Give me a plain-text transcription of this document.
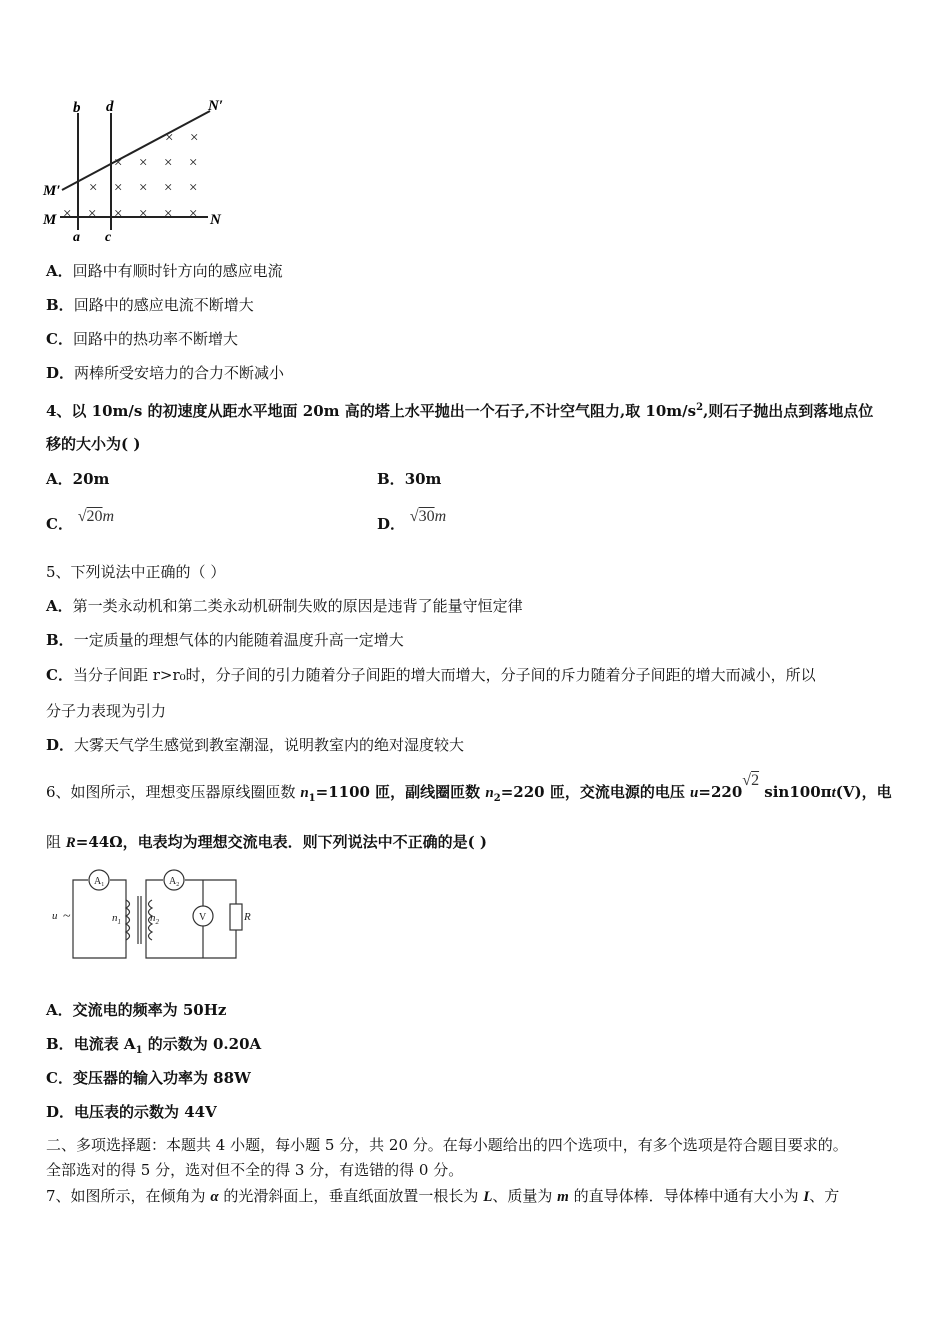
b d	N′
M′
M	N
a c
× ×
× × × ×
× × × × ×
× × × × × ×
A．回路中有顺时针方向的感应电流
B．回路中的感应电流不断增大
C．回路中的热功率不断增大
D．两棒所受安培力的合力不断减小
4、以 10m/s 的初速度从距水平地面 20m 高的塔上水平抛出一个石子,不计空气阻力,取 $10m/s^2$,则石子抛出点到落地点位
移的大小为( )
A．20m	B．30m
C． √20m	D． √30m
5、下列说法中正确的（ ）
A．第一类永动机和第二类永动机研制失败的原因是违背了能量守恒定律
B．一定质量的理想气体的内能随着温度升高一定增大
C．当分子间距 r>r₀时，分子间的引力随着分子间距的增大而增大，分子间的斥力随着分子间距的增大而减小，所以
分子力表现为引力
D．大雾天气学生感觉到教室潮湿，说明教室内的绝对湿度较大
6、如图所示，理想变压器原线圈匝数 $n_1=1100$ 匝，副线圈匝数 $n_2=220$ 匝，交流电源的电压 u=220√2 sin100πt(V)，电
阻 R=44Ω，电表均为理想交流电表．则下列说法中不正确的是( )
u ~	$n_1$	$n_2$	R
$A_1$	$A_2$
V
A．交流电的频率为 50Hz
B．电流表 $A_1$ 的示数为 0.20A
C．变压器的输入功率为 88W
D．电压表的示数为 44V
二、多项选择题：本题共 4 小题，每小题 5 分，共 20 分。在每小题给出的四个选项中，有多个选项是符合题目要求的。
全部选对的得 5 分，选对但不全的得 3 分，有选错的得 0 分。
7、如图所示，在倾角为 α 的光滑斜面上，垂直纸面放置一根长为 L、质量为 m 的直导体棒．导体棒中通有大小为 I、方
